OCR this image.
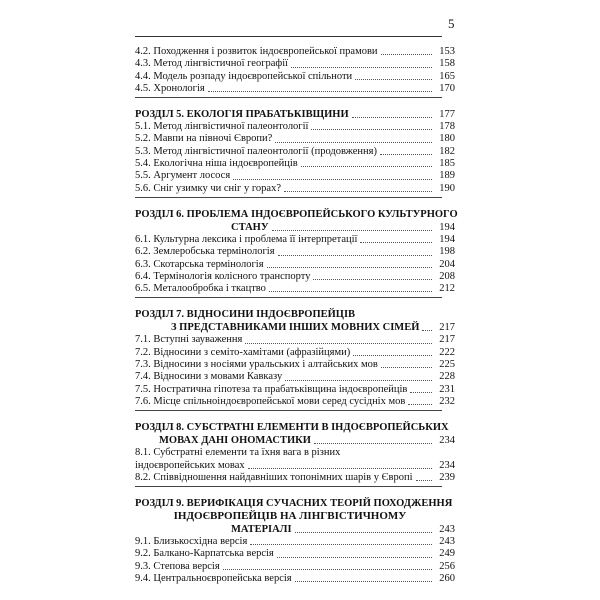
5
4.2. Походження і розвиток індоєвропейської прамови	153
4.3. Метод лінгвістичної географії	158
4.4. Модель розпаду індоєвропейської спільноти	165
4.5. Хронологія	170
РОЗДІЛ 5. ЕКОЛОГІЯ ПРАБАТЬКІВЩИНИ	177
5.1. Метод лінгвістичної палеонтології	178
5.2. Мавпи на півночі Європи?	180
5.3. Метод лінгвістичної палеонтології (продовження)	182
5.4. Екологічна ніша індоєвропейців	185
5.5. Аргумент лосося	189
5.6. Сніг узимку чи сніг у горах?	190
РОЗДІЛ 6. ПРОБЛЕМА ІНДОЄВРОПЕЙСЬКОГО КУЛЬТУРНОГО
СТАНУ	194
6.1. Культурна лексика і проблема її інтерпретації	194
6.2. Землеробська термінологія	198
6.3. Скотарська термінологія	204
6.4. Термінологія колісного транспорту	208
6.5. Металообробка і ткацтво	212
РОЗДІЛ 7. ВІДНОСИНИ ІНДОЄВРОПЕЙЦІВ
З ПРЕДСТАВНИКАМИ ІНШИХ МОВНИХ СІМЕЙ	217
7.1. Вступні зауваження	217
7.2. Відносини з семіто-хамітами (афразійцями)	222
7.3. Відносини з носіями уральських і алтайських мов	225
7.4. Відносини з мовами Кавказу	228
7.5. Ностратична гіпотеза та прабатьківщина індоєвропейців	231
7.6. Місце спільноіндоєвропейської мови серед сусідніх мов	232
РОЗДІЛ 8. СУБСТРАТНІ ЕЛЕМЕНТИ В ІНДОЄВРОПЕЙСЬКИХ
МОВАХ ДАНІ ОНОМАСТИКИ	234
8.1. Субстратні елементи та їхня вага в різних
індоєвропейських мовах	234
8.2. Співвідношення найдавніших топонімних шарів у Європі	239
РОЗДІЛ 9. ВЕРИФІКАЦІЯ СУЧАСНИХ ТЕОРІЙ ПОХОДЖЕННЯ
ІНДОЄВРОПЕЙЦІВ НА ЛІНГВІСТИЧНОМУ
МАТЕРІАЛІ	243
9.1. Близькосхідна версія	243
9.2. Балкано-Карпатська версія	249
9.3. Степова версія	256
9.4. Центральноєвропейська версія	260
